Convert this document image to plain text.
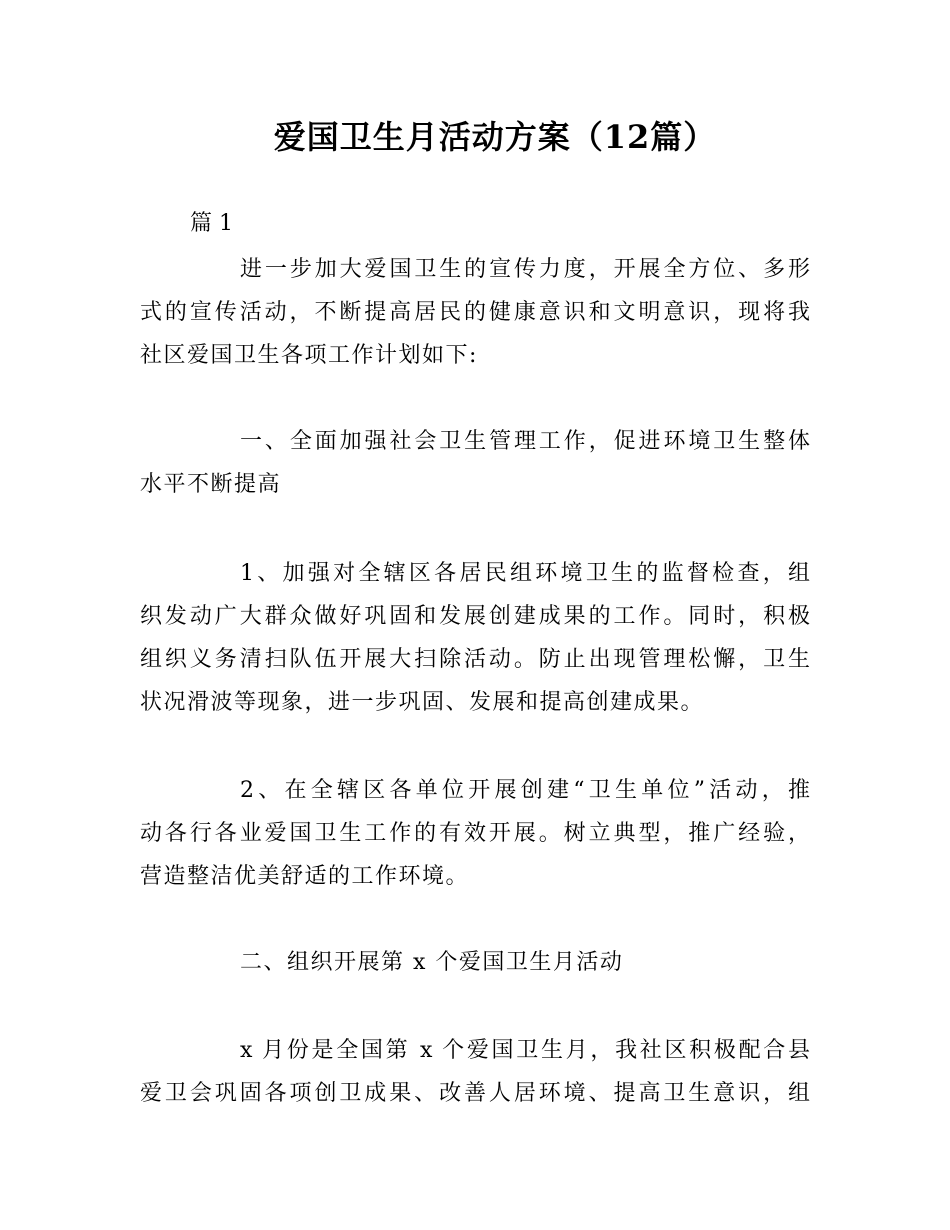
爱国卫生月活动方案（12篇）
篇 1
进一步加大爱国卫生的宣传力度，开展全方位、多形
式的宣传活动，不断提高居民的健康意识和文明意识，现将我
社区爱国卫生各项工作计划如下:
一、全面加强社会卫生管理工作，促进环境卫生整体
水平不断提高
1、加强对全辖区各居民组环境卫生的监督检查，组
织发动广大群众做好巩固和发展创建成果的工作。同时，积极
组织义务清扫队伍开展大扫除活动。防止出现管理松懈，卫生
状况滑波等现象，进一步巩固、发展和提高创建成果。
2、在全辖区各单位开展创建“卫生单位”活动，推
动各行各业爱国卫生工作的有效开展。树立典型，推广经验，
营造整洁优美舒适的工作环境。
二、组织开展第 x 个爱国卫生月活动
x 月份是全国第 x 个爱国卫生月，我社区积极配合县
爱卫会巩固各项创卫成果、改善人居环境、提高卫生意识，组
